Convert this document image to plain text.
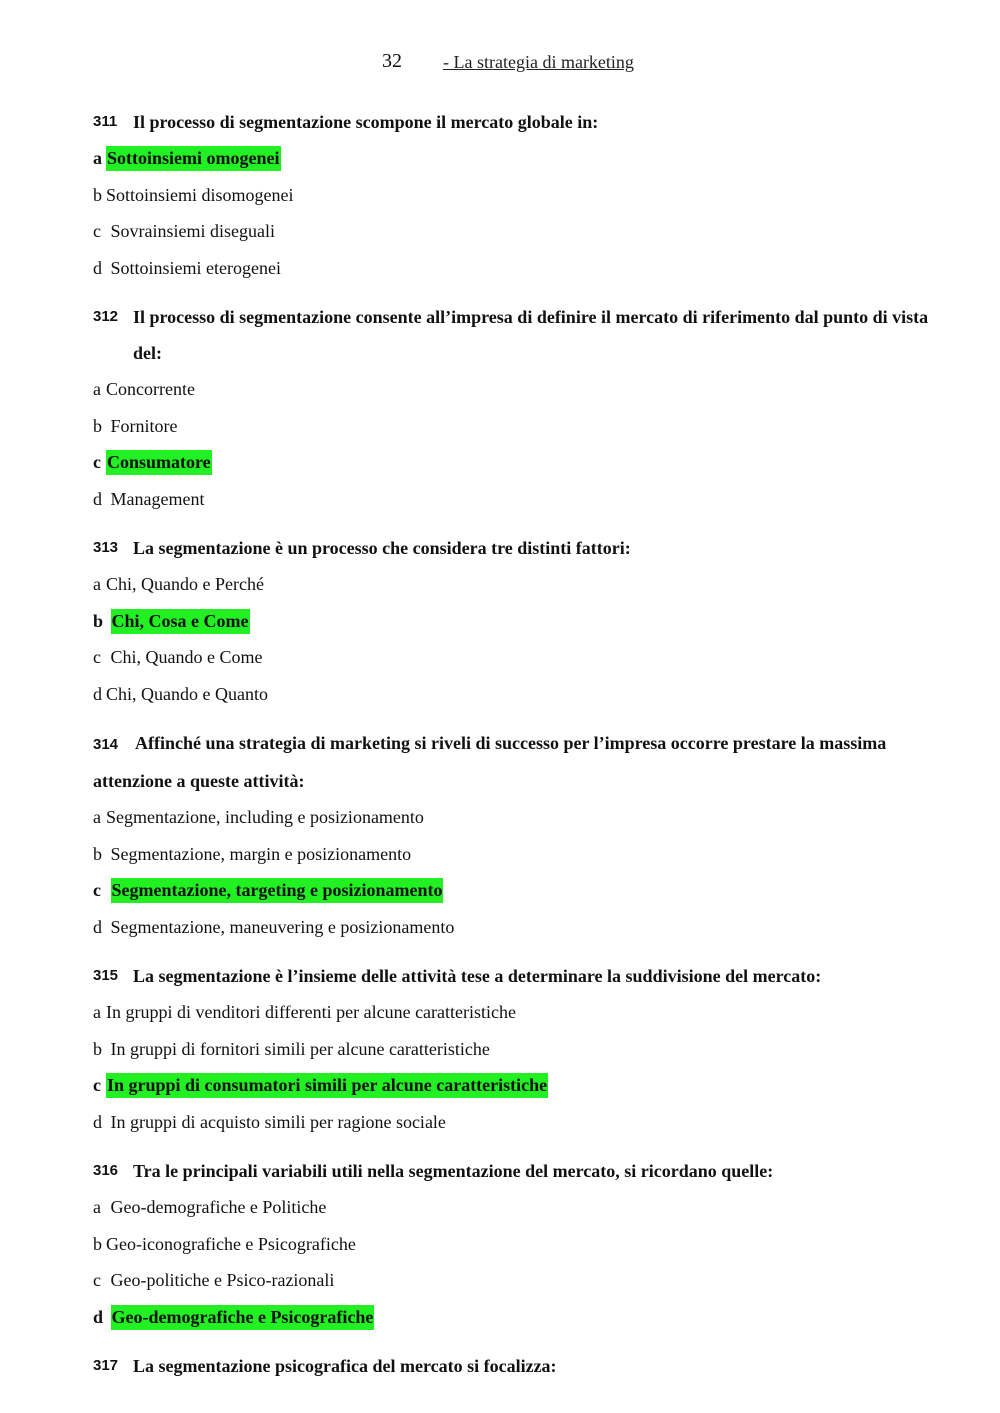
32 - La strategia di marketing
311 Il processo di segmentazione scompone il mercato globale in:
a Sottoinsiemi omogenei
b Sottoinsiemi disomogenei
c Sovrainsiemi diseguali
d Sottoinsiemi eterogenei
312 Il processo di segmentazione consente all’impresa di definire il mercato di riferimento dal punto di vista del:
a Concorrente
b Fornitore
c Consumatore
d Management
313 La segmentazione è un processo che considera tre distinti fattori:
a Chi, Quando e Perché
b Chi, Cosa e Come
c Chi, Quando e Come
d Chi, Quando e Quanto
314 Affinché una strategia di marketing si riveli di successo per l’impresa occorre prestare la massima attenzione a queste attività:
a Segmentazione, including e posizionamento
b Segmentazione, margin e posizionamento
c Segmentazione, targeting e posizionamento
d Segmentazione, maneuvering e posizionamento
315 La segmentazione è l’insieme delle attività tese a determinare la suddivisione del mercato:
a In gruppi di venditori differenti per alcune caratteristiche
b In gruppi di fornitori simili per alcune caratteristiche
c In gruppi di consumatori simili per alcune caratteristiche
d In gruppi di acquisto simili per ragione sociale
316 Tra le principali variabili utili nella segmentazione del mercato, si ricordano quelle:
a Geo-demografiche e Politiche
b Geo-iconografiche e Psicografiche
c Geo-politiche e Psico-razionali
d Geo-demografiche e Psicografiche
317 La segmentazione psicografica del mercato si focalizza:
